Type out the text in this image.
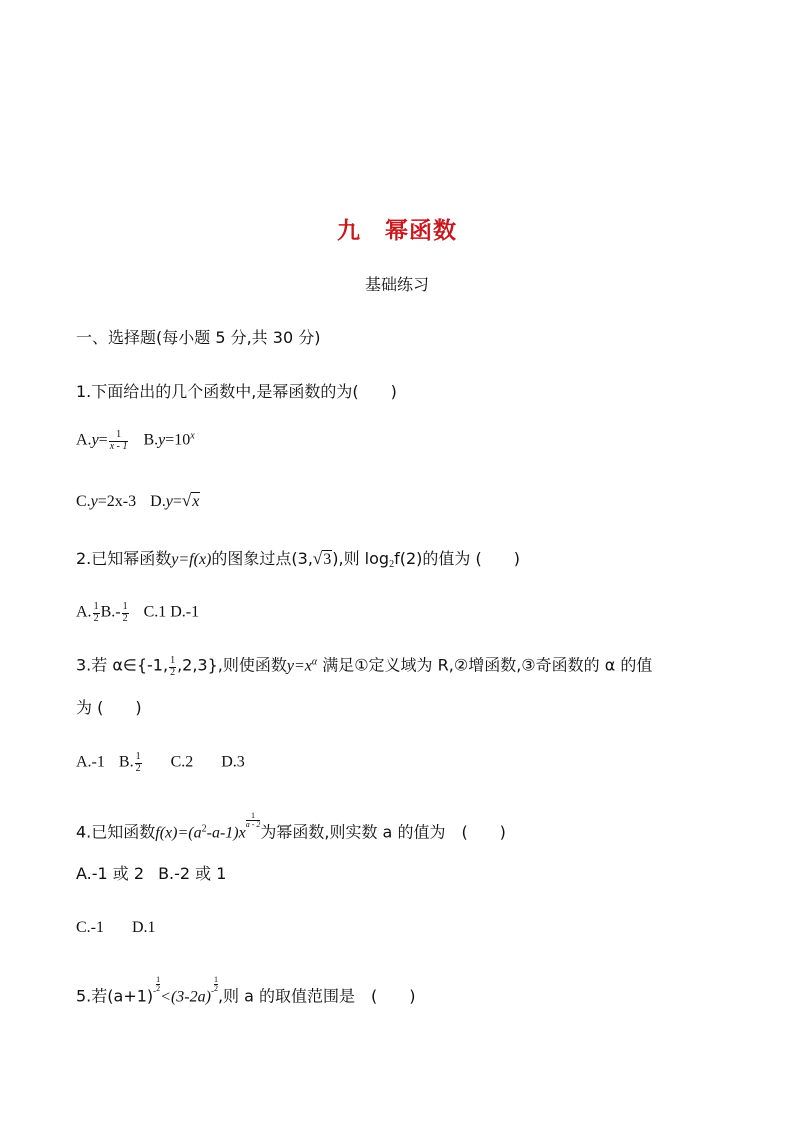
九　幂函数
基础练习
一、选择题(每小题 5 分,共 30 分)
1.下面给出的几个函数中,是幂函数的为(　　)
$A.y= \frac{1}{x - 1} B.y=10^x$
C.y=2x-3 D.y=√x
2.已知幂函数y=f(x)的图象过点(3,√3),则 $\log_2f(2)$的值为 (　　)
A. $\frac{1}{2} B.- \frac{1}{2} C.1$ D.-1
3.若 α∈{-1, $\frac{1}{2} ,2,3$},则使函数$y=x^\alpha$ 满足①定义域为 R,②增函数,③奇函数的 α 的值
为 (　　)
A.-1 B. $\frac{1}{2} C.2$ D.3
4.已知函数$f(x)=(a^2-a-1)x$
$\frac{1}{a - 2}$
为幂函数,则实数 a 的值为　(　　)
A.-1 或 2 B.-2 或 1
C.-1 D.1
5.若$(a+1)^- \frac{1}{2}$
$<(3-2a)^- \frac{1}{2}$
,则 a 的取值范围是　(　　)
